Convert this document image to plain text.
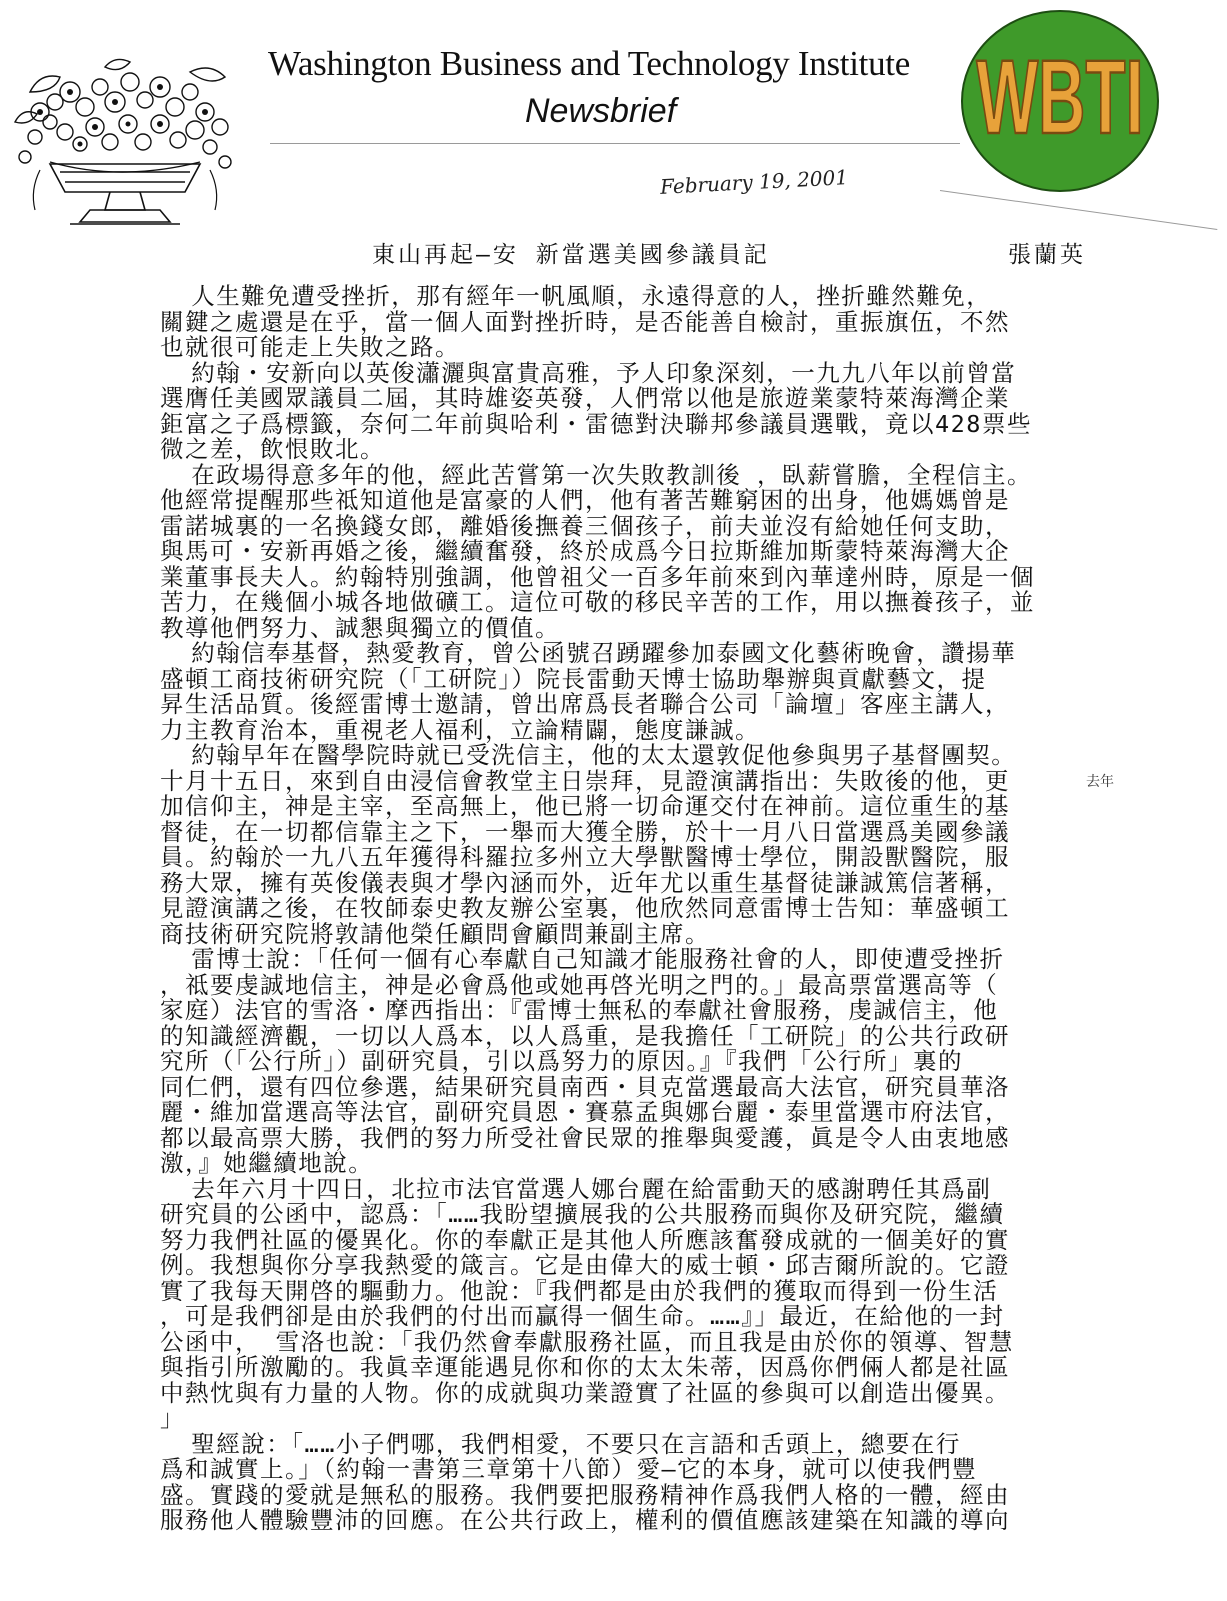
Washington Business and Technology Institute
Newsbrief	WBTI
February 19, 2001
東山再起—安 新當選美國參議員記	張蘭英
人生難免遭受挫折，那有經年一帆風順，永遠得意的人，挫折雖然難免，
關鍵之處還是在乎，當一個人面對挫折時，是否能善自檢討，重振旗伍，不然
也就很可能走上失敗之路。
約翰・安新向以英俊瀟灑與富貴高雅，予人印象深刻，一九九八年以前曾當
選膺任美國眾議員二屆，其時雄姿英發，人們常以他是旅遊業蒙特萊海灣企業
鉅富之子爲標籤，奈何二年前與哈利・雷德對決聯邦參議員選戰，竟以428票些
微之差，飲恨敗北。
在政場得意多年的他，經此苦嘗第一次失敗教訓後 ，臥薪嘗膽，全程信主。
他經常提醒那些祗知道他是富豪的人們，他有著苦難窮困的出身，他媽媽曾是
雷諾城裏的一名換錢女郎，離婚後撫養三個孩子，前夫並沒有給她任何支助，
與馬可・安新再婚之後，繼續奮發，終於成爲今日拉斯維加斯蒙特萊海灣大企
業董事長夫人。約翰特別強調，他曾祖父一百多年前來到內華達州時，原是一個
苦力，在幾個小城各地做礦工。這位可敬的移民辛苦的工作，用以撫養孩子，並
教導他們努力、誠懇與獨立的價值。
約翰信奉基督，熱愛教育，曾公函號召踴躍參加泰國文化藝術晚會，讚揚華
盛頓工商技術研究院（「工研院」）院長雷動天博士協助舉辦與貢獻藝文，提
昇生活品質。後經雷博士邀請，曾出席爲長者聯合公司「論壇」客座主講人，
力主教育治本，重視老人福利，立論精闢，態度謙誠。
約翰早年在醫學院時就已受洗信主，他的太太還敦促他參與男子基督團契。
十月十五日，來到自由浸信會教堂主日崇拜，見證演講指出：失敗後的他，更
加信仰主，神是主宰，至高無上，他已將一切命運交付在神前。這位重生的基
督徒，在一切都信靠主之下，一舉而大獲全勝，於十一月八日當選爲美國參議
員。約翰於一九八五年獲得科羅拉多州立大學獸醫博士學位，開設獸醫院，服
務大眾，擁有英俊儀表與才學內涵而外，近年尤以重生基督徒謙誠篤信著稱，
見證演講之後，在牧師泰史教友辦公室裏，他欣然同意雷博士告知：華盛頓工
商技術研究院將敦請他榮任顧問會顧問兼副主席。
雷博士說：「任何一個有心奉獻自己知識才能服務社會的人，即使遭受挫折
，祗要虔誠地信主，神是必會爲他或她再啓光明之門的。」最高票當選高等（
家庭）法官的雪洛・摩西指出：『雷博士無私的奉獻社會服務，虔誠信主，他
的知識經濟觀，一切以人爲本，以人爲重，是我擔任「工研院」的公共行政研
究所（「公行所」）副研究員，引以爲努力的原因。』『我們「公行所」裏的
同仁們，還有四位參選，結果研究員南西・貝克當選最高大法官，研究員華洛
麗・維加當選高等法官，副研究員恩・賽慕孟與娜台麗・泰里當選市府法官，
都以最高票大勝，我們的努力所受社會民眾的推舉與愛護，眞是令人由衷地感
激，』她繼續地說。
去年六月十四日，北拉市法官當選人娜台麗在給雷動天的感謝聘任其爲副
研究員的公函中，認爲：「……我盼望擴展我的公共服務而與你及研究院，繼續
努力我們社區的優異化。你的奉獻正是其他人所應該奮發成就的一個美好的實
例。我想與你分享我熱愛的箴言。它是由偉大的威士頓・邱吉爾所說的。它證
實了我每天開啓的驅動力。他說：『我們都是由於我們的獲取而得到一份生活
，可是我們卻是由於我們的付出而贏得一個生命。……』」最近，在給他的一封
公函中， 雪洛也說：「我仍然會奉獻服務社區，而且我是由於你的領導、智慧
與指引所激勵的。我眞幸運能遇見你和你的太太朱蒂，因爲你們倆人都是社區
中熱忱與有力量的人物。你的成就與功業證實了社區的參與可以創造出優異。
」
聖經說：「……小子們哪，我們相愛，不要只在言語和舌頭上，總要在行
爲和誠實上。」（約翰一書第三章第十八節）愛—它的本身，就可以使我們豐
盛。實踐的愛就是無私的服務。我們要把服務精神作爲我們人格的一體，經由
服務他人體驗豐沛的回應。在公共行政上，權利的價值應該建築在知識的導向
去年
